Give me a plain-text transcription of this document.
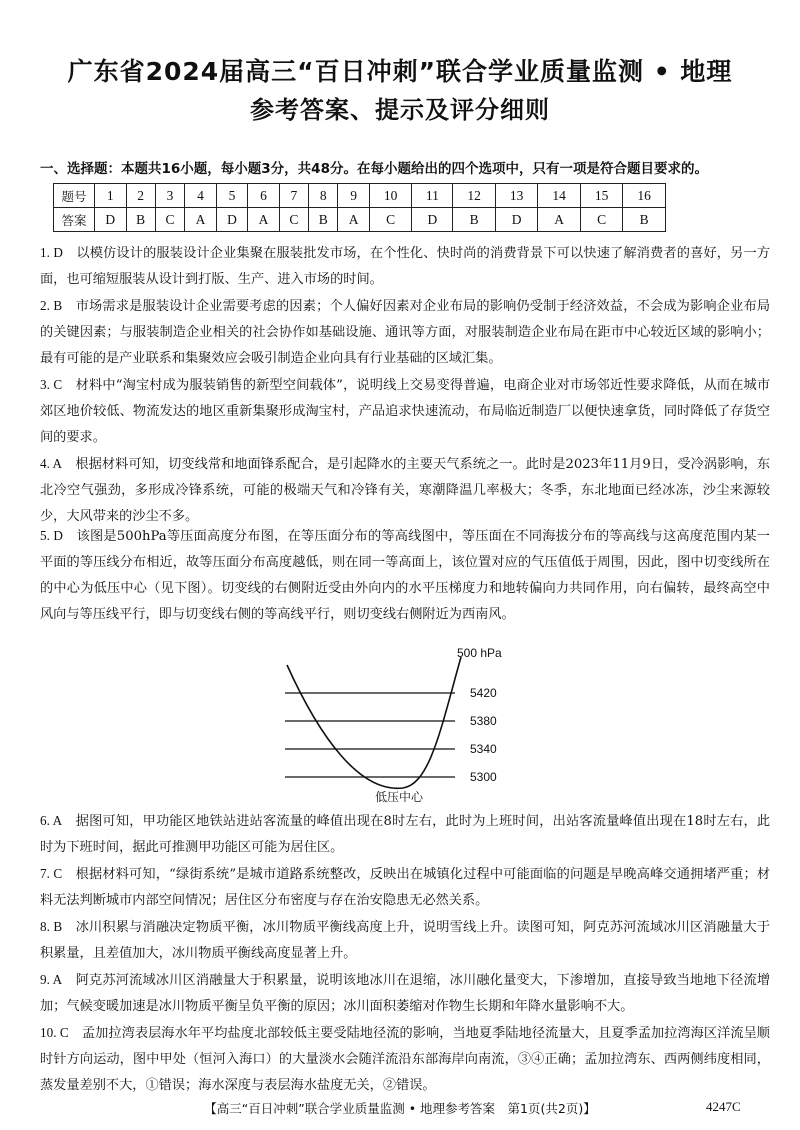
广东省2024届高三“百日冲刺”联合学业质量监测 • 地理
参考答案、提示及评分细则
一、选择题：本题共16小题，每小题3分，共48分。在每小题给出的四个选项中，只有一项是符合题目要求的。
题号	1	2	3	4	5	6	7	8	9	10	11	12	13	14	15	16
答案	D	B	C	A	D	A	C	B	A	C	D	B	D	A	C	B

1. D　 以模仿设计的服装设计企业集聚在服装批发市场，在个性化、快时尚的消费背景下可以快速了解消费者的喜好，另一方面，也可缩短服装从设计到打版、生产、进入市场的时间。

2. B　 市场需求是服装设计企业需要考虑的因素；个人偏好因素对企业布局的影响仍受制于经济效益，不会成为影响企业布局的关键因素；与服装制造企业相关的社会协作如基础设施、通讯等方面，对服装制造企业布局在距市中心较近区域的影响小；最有可能的是产业联系和集聚效应会吸引制造企业向具有行业基础的区域汇集。

3. C　 材料中“淘宝村成为服装销售的新型空间载体”，说明线上交易变得普遍，电商企业对市场邻近性要求降低，从而在城市郊区地价较低、物流发达的地区重新集聚形成淘宝村，产品追求快速流动，布局临近制造厂以便快速拿货，同时降低了存货空间的要求。

4. A　 根据材料可知，切变线常和地面锋系配合，是引起降水的主要天气系统之一。此时是2023年11月9日，受冷涡影响，东北冷空气强劲，多形成冷锋系统，可能的极端天气和冷锋有关，寒潮降温几率极大；冬季，东北地面已经冰冻，沙尘来源较少，大风带来的沙尘不多。

5. D　 该图是500hPa等压面高度分布图，在等压面分布的等高线图中，等压面在不同海拔分布的等高线与这高度范围内某一平面的等压线分布相近，故等压面分布高度越低，则在同一等高面上，该位置对应的气压值低于周围，因此，图中切变线所在的中心为低压中心（见下图）。切变线的右侧附近受由外向内的水平压梯度力和地转偏向力共同作用，向右偏转，最终高空中风向与等压线平行，即与切变线右侧的等高线平行，则切变线右侧附近为西南风。

500 hPa
5420
5380
5340
5300
低压中心

6. A　 据图可知，甲功能区地铁站进站客流量的峰值出现在8时左右，此时为上班时间，出站客流量峰值出现在18时左右，此时为下班时间，据此可推测甲功能区可能为居住区。

7. C　 根据材料可知，“绿街系统”是城市道路系统整改，反映出在城镇化过程中可能面临的问题是早晚高峰交通拥堵严重；材料无法判断城市内部空间情况；居住区分布密度与存在治安隐患无必然关系。

8. B　 冰川积累与消融决定物质平衡，冰川物质平衡线高度上升，说明雪线上升。读图可知，阿克苏河流域冰川区消融量大于积累量，且差值加大，冰川物质平衡线高度显著上升。

9. A　 阿克苏河流域冰川区消融量大于积累量，说明该地冰川在退缩，冰川融化量变大，下渗增加，直接导致当地地下径流增加；气候变暖加速是冰川物质平衡呈负平衡的原因；冰川面积萎缩对作物生长期和年降水量影响不大。

10. C　 孟加拉湾表层海水年平均盐度北部较低主要受陆地径流的影响，当地夏季陆地径流量大，且夏季孟加拉湾海区洋流呈顺时针方向运动，图中甲处（恒河入海口）的大量淡水会随洋流沿东部海岸向南流，③④正确；孟加拉湾东、西两侧纬度相同，蒸发量差别不大，①错误；海水深度与表层海水盐度无关，②错误。

【高三“百日冲刺”联合学业质量监测 • 地理参考答案　第1页(共2页)】	4247C
